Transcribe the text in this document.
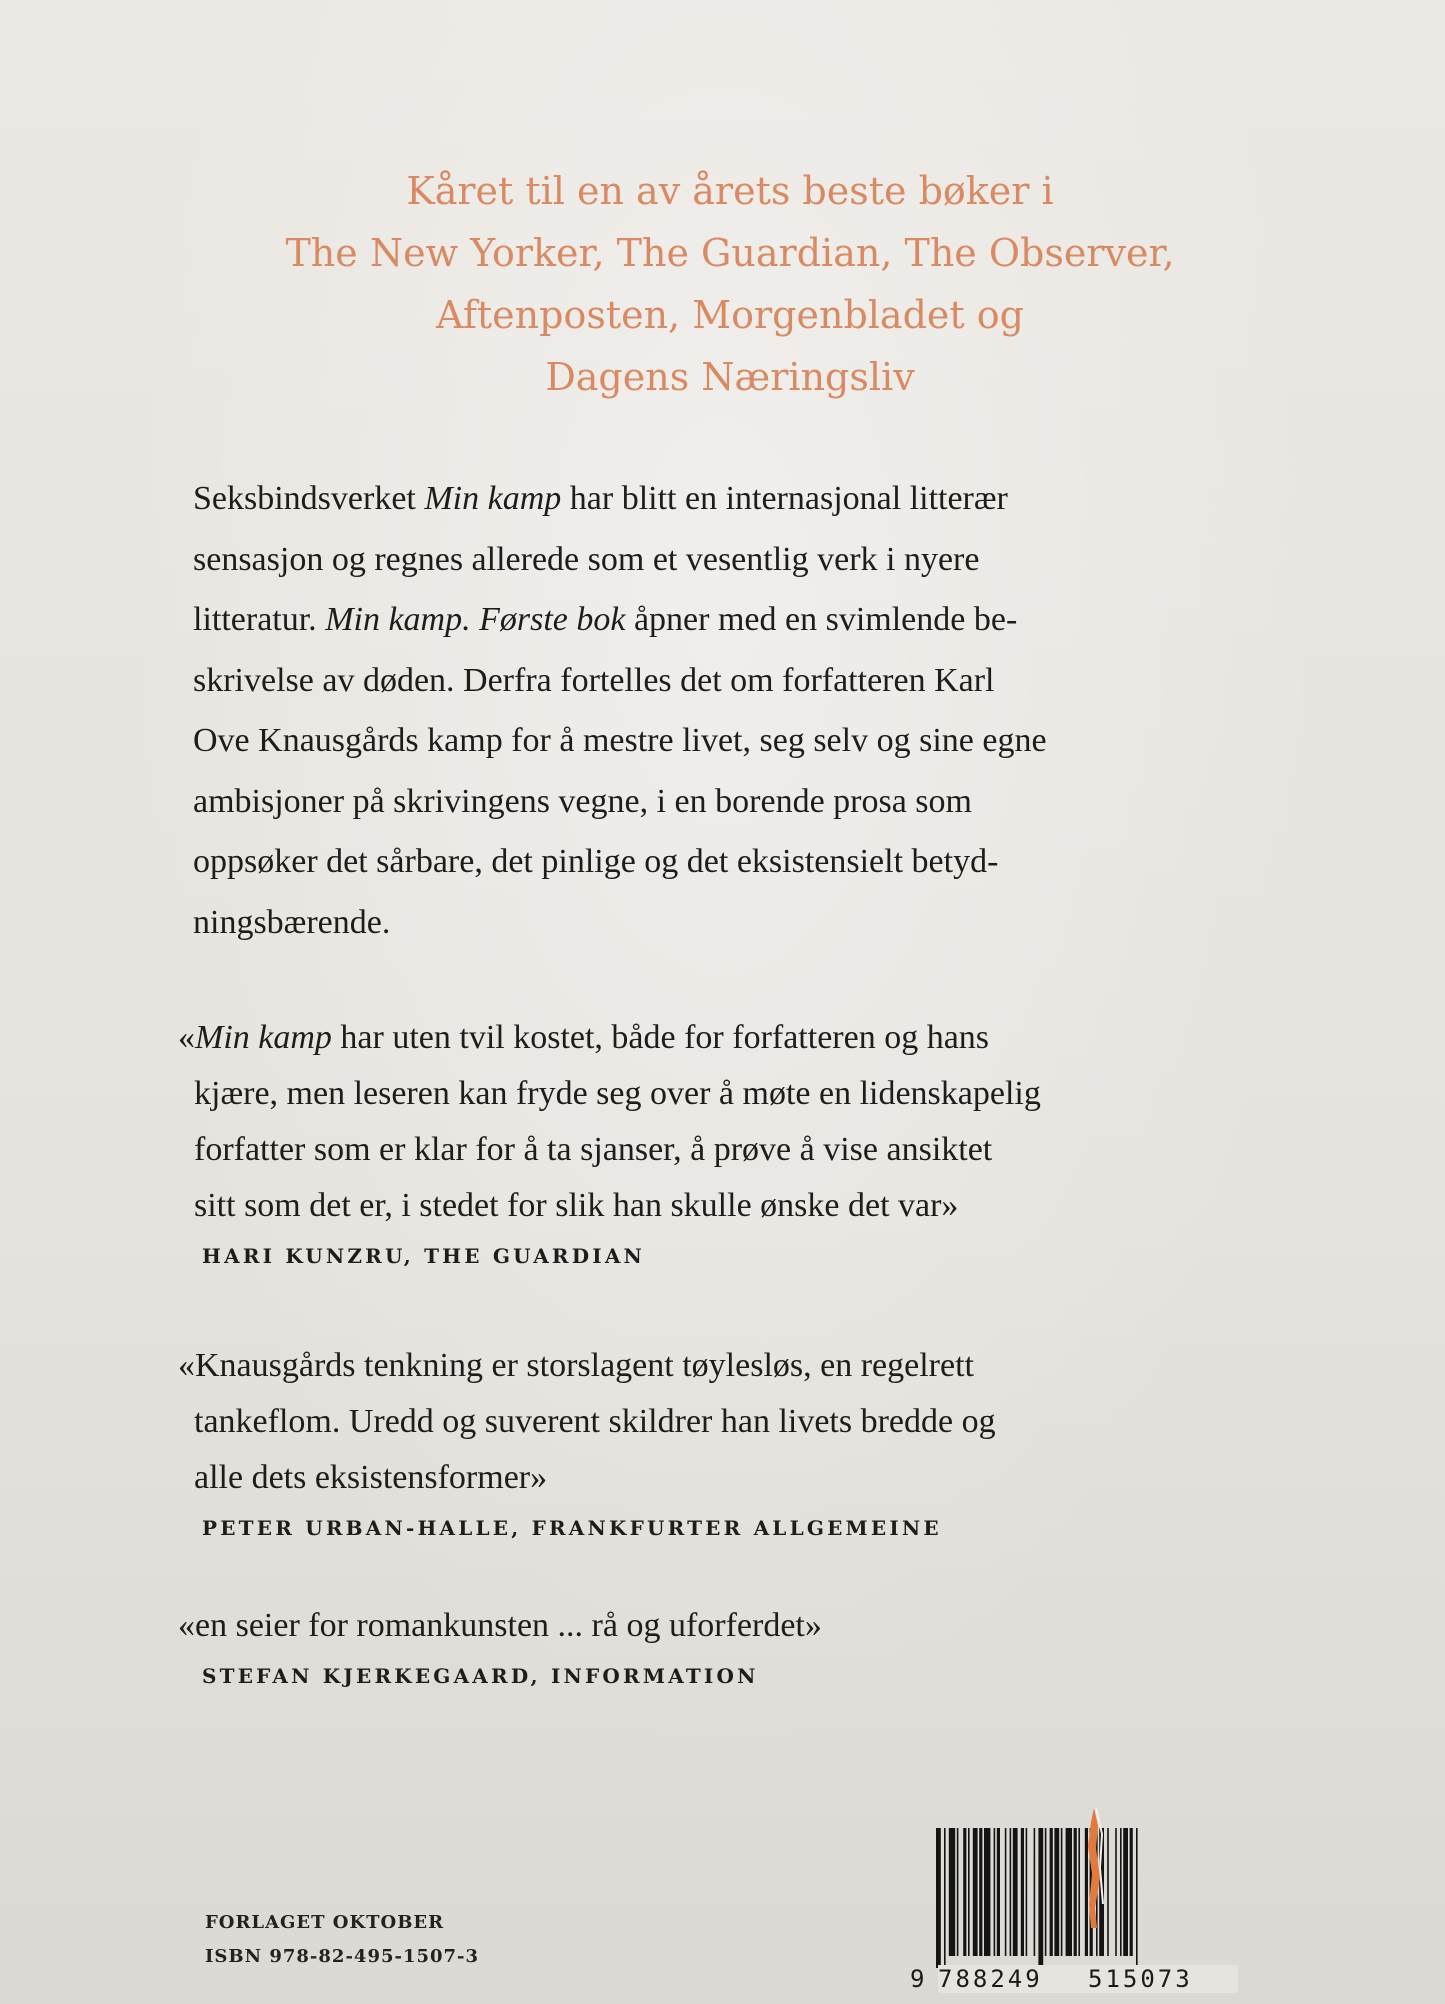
Kåret til en av årets beste bøker i
The New Yorker, The Guardian, The Observer,
Aftenposten, Morgenbladet og
Dagens Næringsliv
Seksbindsverket Min kamp har blitt en internasjonal litterær
sensasjon og regnes allerede som et vesentlig verk i nyere
litteratur. Min kamp. Første bok åpner med en svimlende be-
skrivelse av døden. Derfra fortelles det om forfatteren Karl
Ove Knausgårds kamp for å mestre livet, seg selv og sine egne
ambisjoner på skrivingens vegne, i en borende prosa som
oppsøker det sårbare, det pinlige og det eksistensielt betyd-
ningsbærende.
«Min kamp har uten tvil kostet, både for forfatteren og hans
kjære, men leseren kan fryde seg over å møte en lidenskapelig
forfatter som er klar for å ta sjanser, å prøve å vise ansiktet
sitt som det er, i stedet for slik han skulle ønske det var»
HARI KUNZRU, THE GUARDIAN
«Knausgårds tenkning er storslagent tøylesløs, en regelrett
tankeflom. Uredd og suverent skildrer han livets bredde og
alle dets eksistensformer»
PETER URBAN-HALLE, FRANKFURTER ALLGEMEINE
«en seier for romankunsten ... rå og uforferdet»
STEFAN KJERKEGAARD, INFORMATION
FORLAGET OKTOBER
ISBN 978-82-495-1507-3
9 788249 515073
